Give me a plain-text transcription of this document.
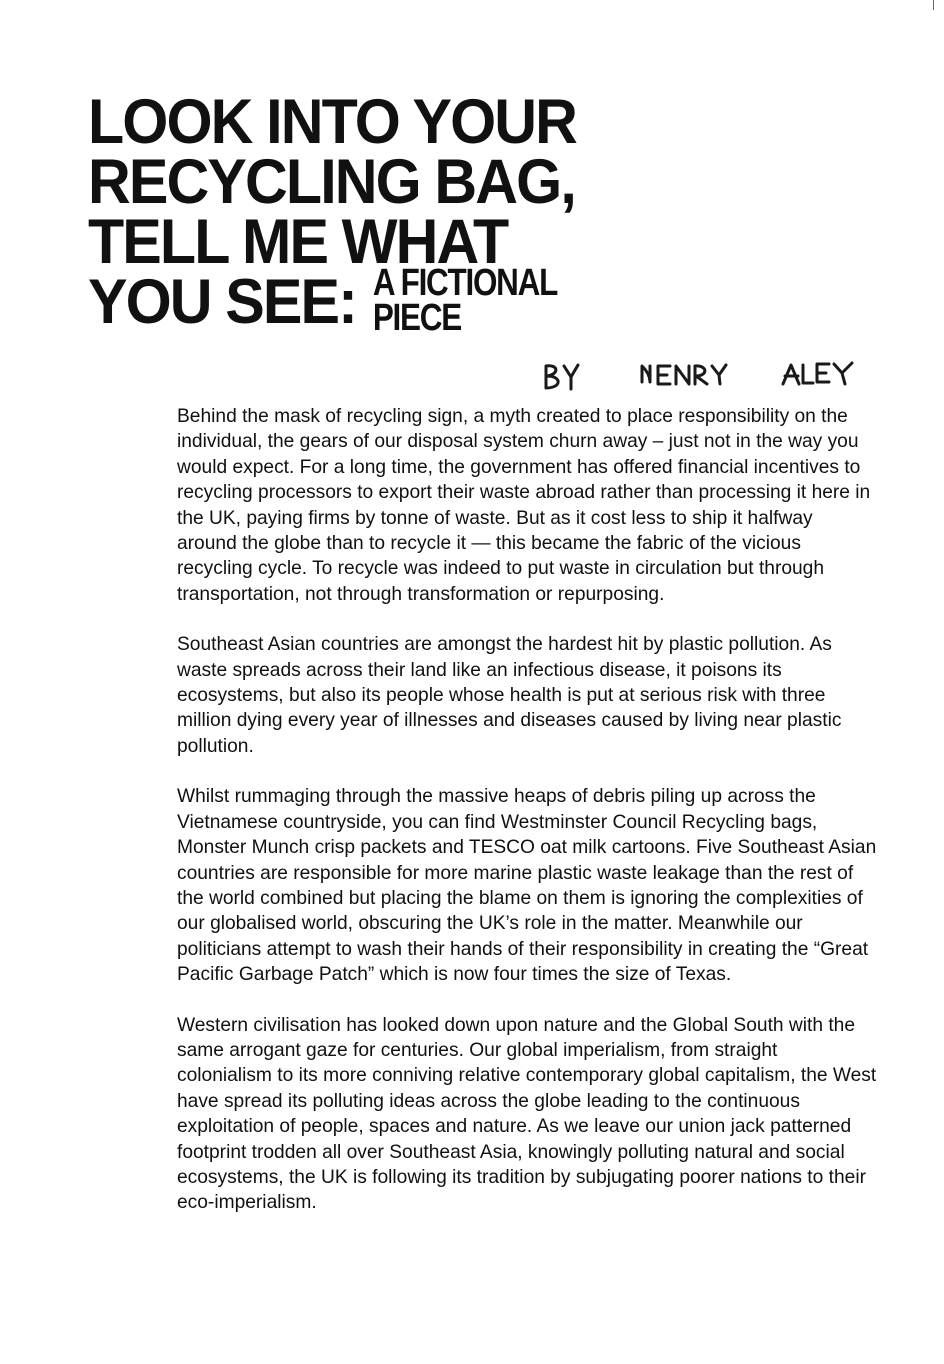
LOOK INTO YOUR
RECYCLING BAG,
TELL ME WHAT
YOU SEE: A FICTIONAL
PIECE

Behind the mask of recycling sign, a myth created to place responsibility on the individual, the gears of our disposal system churn away – just not in the way you would expect. For a long time, the government has offered financial incentives to recycling processors to export their waste abroad rather than processing it here in the UK, paying firms by tonne of waste. But as it cost less to ship it halfway around the globe than to recycle it — this became the fabric of the vicious recycling cycle. To recycle was indeed to put waste in circulation but through transportation, not through transformation or repurposing.

Southeast Asian countries are amongst the hardest hit by plastic pollution. As waste spreads across their land like an infectious disease, it poisons its ecosystems, but also its people whose health is put at serious risk with three million dying every year of illnesses and diseases caused by living near plastic pollution.

Whilst rummaging through the massive heaps of debris piling up across the Vietnamese countryside, you can find Westminster Council Recycling bags, Monster Munch crisp packets and TESCO oat milk cartoons. Five Southeast Asian countries are responsible for more marine plastic waste leakage than the rest of the world combined but placing the blame on them is ignoring the complexities of our globalised world, obscuring the UK’s role in the matter. Meanwhile our politicians attempt to wash their hands of their responsibility in creating the “Great Pacific Garbage Patch” which is now four times the size of Texas.

Western civilisation has looked down upon nature and the Global South with the same arrogant gaze for centuries. Our global imperialism, from straight colonialism to its more conniving relative contemporary global capitalism, the West have spread its polluting ideas across the globe leading to the continuous exploitation of people, spaces and nature. As we leave our union jack patterned footprint trodden all over Southeast Asia, knowingly polluting natural and social ecosystems, the UK is following its tradition by subjugating poorer nations to their eco-imperialism.
